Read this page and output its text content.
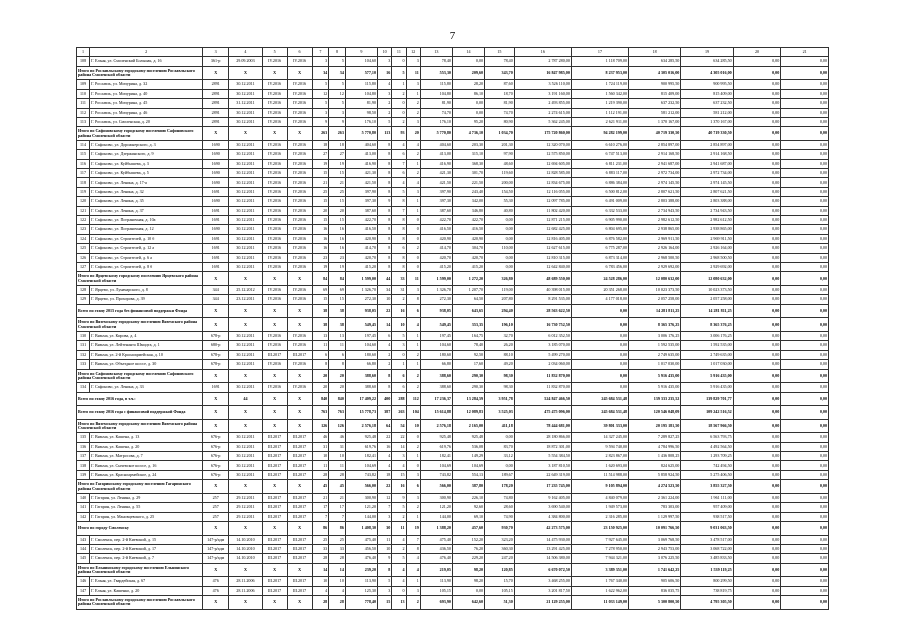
7
1	2	3	4	5	6	7	8	9	10	11	12	13	14	15	16	17	18	19	20	21
108	Г. Ельня, ул. Смоленский Большак, д. 16	361-р	29.09.2003	IV.2016	IV.2016	3	5	104,60	3	0	3	78,40	0,00	78,40	2 787 280,00	1 118 709,00	634 285,50	634 285,50	0,00	0,00
Итого по Рославльскому городскому поселению Рославльского района Смоленской области		X	X	X	X	34	34	577,10	16	5	11	553,30	209,60	343,70	16 847 985,00	8 237 953,00	4 305 016,00	4 305 016,00	0,00	0,00
109	Г. Рославль, ул. Мичурина, д. 32	2891	30.12.2011	IV.2016	IV.2016	5	5	115,80	4	1	3	115,80	28,20	87,60	3 526 110,00	1 724 119,00	900 995,50	900 995,50	0,00	0,00
110	Г. Рославль, ул. Мичурина, д. 40	2891	30.12.2011	IV.2016	IV.2016	12	12	104,80	3	2	1	104,80	86,10	18,70	3 191 160,00	1 560 342,00	815 409,00	815 409,00	0,00	0,00
111	Г. Рославль, ул. Мичурина, д. 45	2891	31.12.2011	IV.2016	IV.2016	5	5	81,90	2	0	2	81,90	0,00	81,90	2 493 855,00	1 219 390,00	637 232,50	637 232,50	0,00	0,00
112	Г. Рославль, ул. Мичурина, д. 46	2891	30.12.2011	IV.2016	IV.2016	3	3	98,50	2	0	2	74,70	0,00	74,70	2 274 615,00	1 112 191,00	581 212,00	581 212,00	0,00	0,00
113	Г. Рославль, ул. Смоленская, д. 20	2891	30.12.2011	IV.2016	IV.2016	9	9	176,10	5	2	3	176,10	95,20	80,90	5 362 245,00	2 621 911,00	1 370 167,00	1 370 167,00	0,00	0,00
Итого по Сафоновскому городскому поселению Сафоновского района Смоленской области		X	X	X	X	263	263	5 770,80	113	93	20	5 770,80	4 736,10	1 034,70	175 720 860,00	94 282 199,00	40 719 330,50	40 719 330,50	0,00	0,00
114	Г. Сафоново, ул. Дорожнерского, д. 3	1690	30.12.2011	IV.2016	IV.2016	18	18	404,60	8	4	4	404,60	203,30	201,30	12 320 070,00	6 610 276,00	2 854 897,00	2 854 897,00	0,00	0,00
115	Г. Сафоново, ул. Дзержинского, д. 9	1690	30.12.2011	IV.2016	IV.2016	27	27	413,00	8	6	2	413,00	315,10	97,90	12 575 850,00	6 747 513,00	2 914 168,50	2 914 168,50	0,00	0,00
116	Г. Сафоново, ул. Куйбышева, д. 3	1690	30.12.2011	IV.2016	IV.2016	19	19	416,90	8	7	1	416,90	368,30	48,60	12 694 605,00	6 811 231,00	2 941 687,00	2 941 687,00	0,00	0,00
117	Г. Сафоново, ул. Куйбышева, д. 5	1690	30.12.2011	IV.2016	IV.2016	15	15	421,30	8	6	2	421,30	301,70	119,60	12 828 585,00	6 883 117,00	2 972 734,00	2 972 734,00	0,00	0,00
118	Г. Сафоново, ул. Ленина, д. 17-а	1690	30.12.2011	IV.2016	IV.2016	21	21	421,50	8	4	4	421,50	221,50	200,00	12 834 675,00	6 886 384,00	2 974 145,50	2 974 145,50	0,00	0,00
119	Г. Сафоново, ул. Ленина, д. 32	1691	30.12.2011	IV.2016	IV.2016	25	25	397,90	8	5	3	397,90	243,40	154,50	12 116 055,00	6 500 812,00	2 807 621,50	2 807 621,50	0,00	0,00
120	Г. Сафоново, ул. Ленина, д. 35	1690	30.12.2011	IV.2016	IV.2016	15	15	397,30	9	8	1	397,30	342,00	55,30	12 097 785,00	6 491 009,00	2 803 388,00	2 803 388,00	0,00	0,00
121	Г. Сафоново, ул. Ленина, д. 37	1691	30.12.2011	IV.2016	IV.2016	20	20	387,60	8	7	1	387,60	346,80	40,80	11 802 420,00	6 332 533,00	2 734 943,50	2 734 943,50	0,00	0,00
122	Г. Сафоново, ул. Пограничная, д. 10а	1691	30.12.2011	IV.2016	IV.2016	15	15	422,70	8	8	0	422,70	422,70	0,00	12 871 215,00	6 905 990,00	2 982 612,50	2 982 612,50	0,00	0,00
123	Г. Сафоново, ул. Пограничная, д. 12	1690	30.12.2011	IV.2016	IV.2016	16	16	416,50	8	8	0	416,50	416,50	0,00	12 682 425,00	6 804 695,00	2 938 865,00	2 938 865,00	0,00	0,00
124	Г. Сафоново, ул. Строителей, д. 10 б	1691	30.12.2011	IV.2016	IV.2016	16	16	420,90	8	8	0	420,90	420,90	0,00	12 816 405,00	6 876 582,00	2 969 911,50	2 969 911,50	0,00	0,00
125	Г. Сафоново, ул. Строителей, д. 12 а	1691	30.12.2011	IV.2016	IV.2016	16	16	414,70	8	6	2	414,70	304,70	110,00	12 627 615,00	6 775 287,00	2 926 164,00	2 926 164,00	0,00	0,00
126	Г. Сафоново, ул. Строителей, д. 6 а	1691	30.12.2011	IV.2016	IV.2016	23	23	420,70	8	8	0	420,70	420,70	0,00	12 810 315,00	6 873 314,00	2 968 500,50	2 968 500,50	0,00	0,00
127	Г. Сафоново, ул. Строителей, д. 8 б	1691	30.12.2011	IV.2016	IV.2016	19	19	415,20	8	8	0	415,20	415,20	0,00	12 642 840,00	6 783 456,00	2 929 692,00	2 929 692,00	0,00	0,00
Итого по Ярцевскому городскому поселению Ярцевского района Смоленской области		X	X	X	X	84	84	1 599,00	44	33	11	1 599,00	1 272,20	326,80	48 689 550,00	24 528 286,00	12 080 632,00	12 080 632,00	0,00	0,00
128	Г. Ярцево, ул. Луначарского, д. 8	344	25.12.2012	IV.2016	IV.2016	69	69	1 326,70	34	31	3	1 326,70	1 207,70	119,00	40 398 015,00	20 351 268,00	10 023 373,50	10 023 373,50	0,00	0,00
129	Г. Ярцево, ул. Прохорова, д. 39	344	23.12.2011	IV.2016	IV.2016	15	15	272,30	10	2	8	272,30	64,50	207,80	8 291 535,00	4 177 018,00	2 057 258,00	2 057 258,00	0,00	0,00
Всего по этапу 2015 года без финансовой поддержки Фонда		X	X	X	X	38	38	938,05	22	16	6	938,05	643,65	294,40	28 563 622,50	0,00	14 281 811,25	14 281 811,25	0,00	0,00
Итого по Вяземскому городскому поселению Вяземского района Смоленской области		X	X	X	X	38	38	549,45	14	10	4	549,45	353,35	196,10	16 730 752,50	0,00	8 365 376,25	8 365 376,25	0,00	0,00
130	Г. Вязьма, ул. Кирова, д. 4	678-р	30.12.2011	IV.2016	IV.2016	13	13	197,45	6	5	1	197,45	164,75	32,70	6 012 352,50	0,00	3 006 176,25	3 006 176,25	0,00	0,00
131	Г. Вязьма, ул. Лейтенанта Шмидта, д. 1	680-р	30.12.2011	IV.2016	IV.2016	11	11	104,60	4	3	1	104,60	78,40	26,20	3 185 070,00	0,00	1 592 535,00	1 592 535,00	0,00	0,00
132	Г. Вязьма, ул. 2-й Красноармейская, д. 10	678-р	30.12.2011	III.2017	III.2017	6	6	180,60	2	0	2	180,60	92,50	88,10	5 499 270,00	0,00	2 749 635,00	2 749 635,00	0,00	0,00
133	Г. Вязьма, ул. Объездное шоссе, д. 30	678-р	30.12.2011	IV.2016	IV.2016	8	8	66,80	2	1	1	66,80	17,60	49,20	2 034 060,00	0,00	1 017 030,00	1 017 030,00	0,00	0,00
Итого по Сафоновскому городскому поселению Сафоновского района Смоленской области		X	X	X	X	20	20	388,60	8	6	2	388,60	290,30	98,30	11 832 870,00	0,00	5 916 435,00	5 916 435,00	0,00	0,00
134	Г. Сафоново, ул. Ленина, д. 33	1691	30.12.2011	IV.2016	IV.2016	20	20	388,60	8	6	2	388,60	290,30	98,30	11 832 870,00	0,00	5 916 435,00	5 916 435,00	0,00	0,00
Всего по этапу 2016 года, в т.ч.:		X	44	X	X	840	840	17 409,22	400	288	112	17 236,37	13 284,59	3 951,78	524 847 466,50	245 684 531,48	139 333 235,52	139 829 701,77	0,00	0,00
Всего по этапу 2016 года с финансовой поддержкой Фонда		X	X	X	X	763	763	15 778,73	387	263	104	15 614,88	12 089,83	3 525,03	475 475 096,00	245 684 531,48	120 546 048,09	109 242 516,52	0,00	0,00
Итого по Вяземскому городскому поселению Вяземского района Смоленской области		X	X	X	X	126	126	2 576,18	64	54	10	2 576,18	2 165,00	411,18	78 444 681,00	39 801 333,00	20 195 181,50	18 567 966,50	0,00	0,00
135	Г. Вязьма, ул. Кашена, д. 13	676-р	30.12.2011	III.2017	III.2017	46	46	925,48	22	22	0	925,48	925,48	0,00	28 180 866,00	14 327 245,00	7 289 827,25	6 563 793,75	0,00	0,00
136	Г. Вязьма, ул. Кашена, д. 20	676-р	30.12.2011	III.2017	III.2017	31	31	619,76	16	14	2	619,76	536,08	83,70	18 872 301,00	9 594 740,00	4 784 996,50	4 492 564,50	0,00	0,00
137	Г. Вязьма, ул. Матросова, д. 7	676-р	30.12.2011	III.2017	III.2017	10	10	182,41	4	3	1	182,41	149,29	33,12	5 554 384,50	2 823 867,00	1 436 808,25	1 293 709,25	0,00	0,00
138	Г. Вязьма, ул. Сычевское шоссе, д. 16	676-р	30.12.2011	III.2017	III.2017	11	11	104,69	4	4	0	104,69	104,69	0,00	3 187 810,50	1 620 693,00	824 625,00	742 494,50	0,00	0,00
139	Г. Вязьма, ул. Красноармейское, д. 24	676-р	30.12.2011	III.2017	III.2017	28	28	743,82	18	15	3	743,82	554,13	189,67	22 649 319,00	11 514 988,00	5 858 924,50	5 275 406,50	0,00	0,00
Итого по Гагаринскому городскому поселению Гагаринского района Смоленской области		X	X	X	X	45	45	566,00	22	16	6	566,00	387,80	178,20	17 235 745,00	9 105 894,00	4 274 523,50	3 855 327,50	0,00	0,00
140	Г. Гагарин, ул. Ленина, д. 29	257	29.12.2011	III.2017	III.2017	21	21	300,90	12	9	3	300,90	226,10	74,80	9 162 405,00	4 840 079,00	2 361 224,00	1 961 111,00	0,00	0,00
141	Г. Гагарин, ул. Ленина, д. 55	257	29.12.2011	III.2017	III.2017	17	17	121,20	7	5	2	121,20	92,60	28,60	3 690 540,00	1 949 573,00	783 303,00	957 409,00	0,00	0,00
142	Г. Гагарин, ул. Мановцевского, д. 25	257	29.12.2011	III.2017	III.2017	7	7	144,00	3	2	1	144,00	69,10	74,90	4 384 800,00	2 316 285,00	1 129 997,50	938 517,50	0,00	0,00
Итого по городу Смоленску		X	X	X	X	86	86	1 408,30	30	11	19	1 388,20	457,60	930,70	42 273 575,00	23 150 925,00	10 091 766,50	9 031 063,50	0,00	0,00
143	Г. Смоленск, пер. 2-й Киевский, д. 15	147-р/адм	14.10.2010	III.2017	III.2017	25	25	475,40	11	4	7	475,40	152,20	323,20	14 475 930,00	7 927 645,00	3 069 768,50	3 478 517,00	0,00	0,00
144	Г. Смоленск, пер. 2-й Киевский, д. 17	147-р/адм	14.10.2010	III.2017	III.2017	33	33	456,50	10	2	8	436,50	76,20	360,30	13 291 425,00	7 278 950,00	2 943 753,00	3 068 722,00	0,00	0,00
145	Г. Смоленск, пер. 2-й Киевский, д. 7	147-р/адм	14.10.2010	III.2017	III.2017	28	28	476,40	9	5	4	476,40	229,20	247,20	14 506 380,00	7 944 321,00	3 076 225,50	3 485 833,50	0,00	0,00
Итого по Ельнинскому городскому поселению Ельнинского района Смоленской области		X	X	X	X	14	14	239,20	8	4	4	219,05	98,20	120,85	6 670 072,50	3 389 351,00	1 741 642,25	1 539 119,25	0,00	0,00
146	Г. Ельня, ул. Гвардейская, д. 67	476	28.11.2006	III.2017	III.2017	10	10	113,90	5	4	1	113,90	98,20	15,70	3 468 255,00	1 767 340,00	905 606,50	800 299,50	0,00	0,00
147	Г. Ельня, ул. Кашенко, д. 20	476	28.11.2006	III.2017	III.2017	4	4	125,30	3	0	3	105,15	0,00	105,15	3 201 817,50	1 622 962,00	836 035,75	738 819,75	0,00	0,00
Итого по Рославльскому городскому поселению Рославльского района Смоленской области		X	X	X	X	28	28	778,40	15	13	2	693,90	642,60	51,30	21 129 255,00	11 033 149,00	5 300 800,50	4 795 305,50	0,00	0,00
